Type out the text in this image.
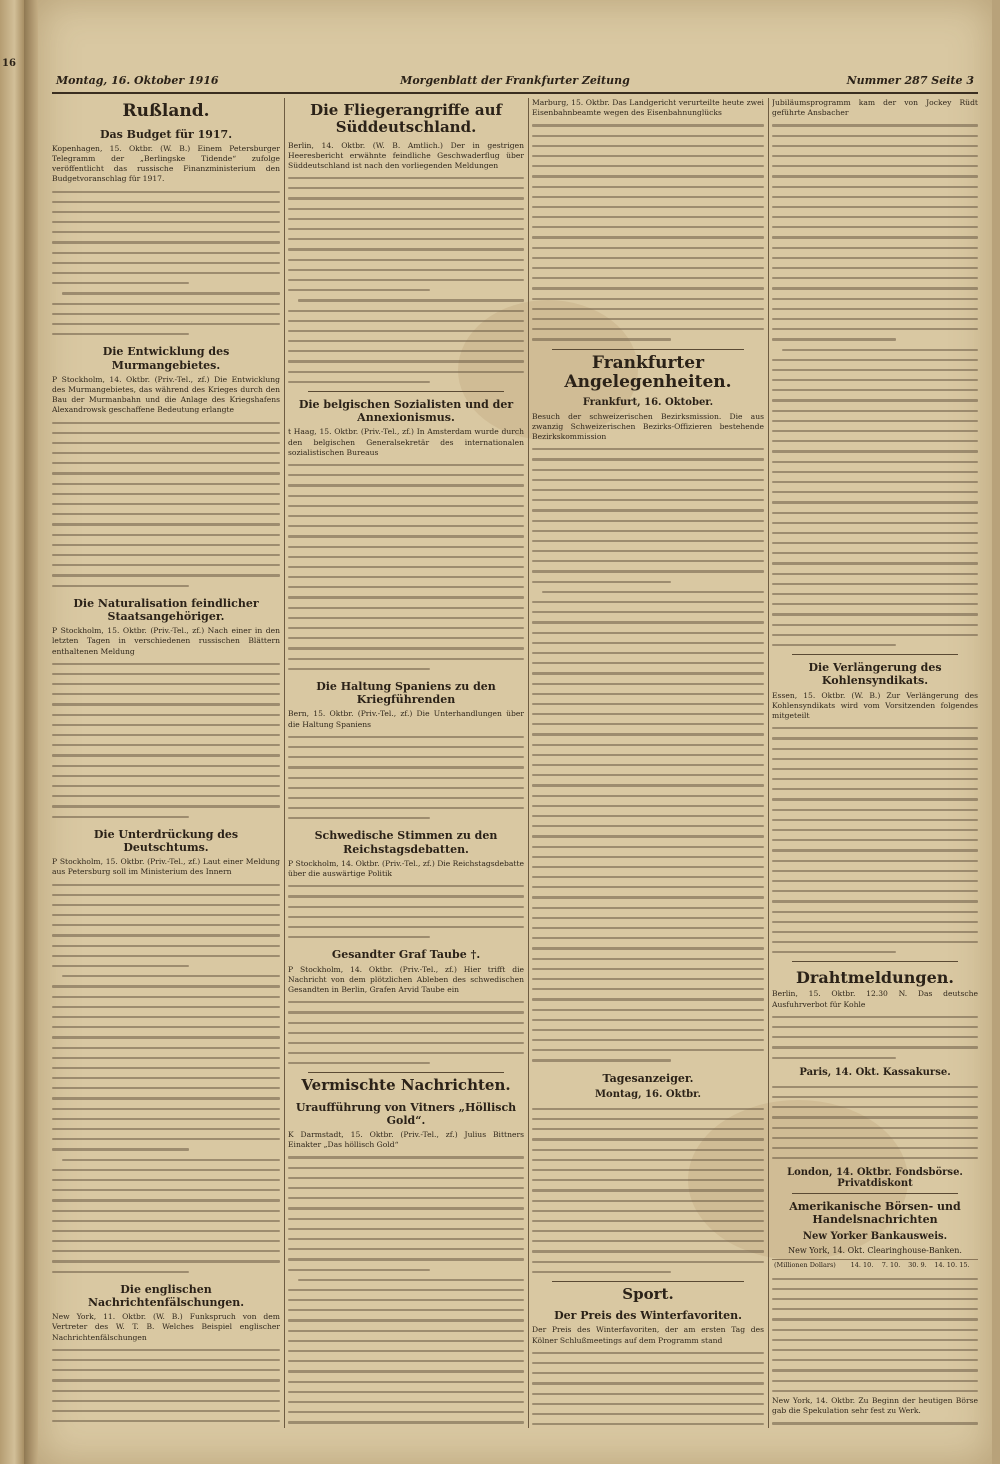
16
Montag, 16. Oktober 1916	Morgenblatt der Frankfurter Zeitung	Nummer 287 Seite 3
Rußland.
Das Budget für 1917.

Kopenhagen, 15. Oktbr. (W. B.) Einem Petersburger Telegramm der „Berlingske Tidende“ zufolge veröffentlicht das russische Finanzministerium den Budgetvoranschlag für 1917.

Die Entwicklung des Murmangebietes.

P Stockholm, 14. Oktbr. (Priv.-Tel., zf.) Die Entwicklung des Murmangebietes, das während des Krieges durch den Bau der Murmanbahn und die Anlage des Kriegshafens Alexandrowsk geschaffene Bedeutung erlangte

Die Naturalisation feindlicher Staatsangehöriger.

P Stockholm, 15. Oktbr. (Priv.-Tel., zf.) Nach einer in den letzten Tagen in verschiedenen russischen Blättern enthaltenen Meldung

Die Unterdrückung des Deutschtums.

P Stockholm, 15. Oktbr. (Priv.-Tel., zf.) Laut einer Meldung aus Petersburg soll im Ministerium des Innern

Die englischen Nachrichtenfälschungen.

New York, 11. Oktbr. (W. B.) Funkspruch von dem Vertreter des W. T. B. Welches Beispiel englischer Nachrichtenfälschungen

Die Fliegerangriffe auf Süddeutschland.

Berlin, 14. Oktbr. (W. B. Amtlich.) Der in gestrigen Heeresbericht erwähnte feindliche Geschwaderflug über Süddeutschland ist nach den vorliegenden Meldungen

Die belgischen Sozialisten und der Annexionismus.

t Haag, 15. Oktbr. (Priv.-Tel., zf.) In Amsterdam wurde durch den belgischen Generalsekretär des internationalen sozialistischen Bureaus

Die Haltung Spaniens zu den Kriegführenden

Bern, 15. Oktbr. (Priv.-Tel., zf.) Die Unterhandlungen über die Haltung Spaniens

Schwedische Stimmen zu den Reichstagsdebatten.

P Stockholm, 14. Oktbr. (Priv.-Tel., zf.) Die Reichstagsdebatte über die auswärtige Politik

Gesandter Graf Taube †.

P Stockholm, 14. Oktbr. (Priv.-Tel., zf.) Hier trifft die Nachricht von dem plötzlichen Ableben des schwedischen Gesandten in Berlin, Grafen Arvid Taube ein

Vermischte Nachrichten.
Uraufführung von Vitners „Höllisch Gold“.

K Darmstadt, 15. Oktbr. (Priv.-Tel., zf.) Julius Bittners Einakter „Das höllisch Gold“

Marburg, 15. Oktbr. Das Landgericht verurteilte heute zwei Eisenbahnbeamte wegen des Eisenbahnunglücks

Frankfurter Angelegenheiten.
Frankfurt, 16. Oktober.

Besuch der schweizerischen Bezirksmission. Die aus zwanzig Schweizerischen Bezirks-Offizieren bestehende Bezirkskommission

Tagesanzeiger.
Montag, 16. Oktbr.
Sport.
Der Preis des Winterfavoriten.

Der Preis des Winterfavoriten, der am ersten Tag des Kölner Schlußmeetings auf dem Programm stand

Jubiläumsprogramm kam der von Jockey Rüdt geführte Ansbacher

Die Verlängerung des Kohlensyndikats.

Essen, 15. Oktbr. (W. B.) Zur Verlängerung des Kohlensyndikats wird vom Vorsitzenden folgendes mitgeteilt

Drahtmeldungen.

Berlin, 15. Oktbr. 12.30 N. Das deutsche Ausfuhrverbot für Kohle

Paris, 14. Okt. Kassakurse.
London, 14. Oktbr. Fondsbörse. Privatdiskont
Amerikanische Börsen- und Handelsnachrichten
New Yorker Bankausweis.
New York, 14. Okt. Clearinghouse-Banken.
(Millionen Dollars)	14. 10.	7. 10.	30. 9.	14. 10. 15.

New York, 14. Oktbr. Zu Beginn der heutigen Börse gab die Spekulation sehr fest zu Werk.
